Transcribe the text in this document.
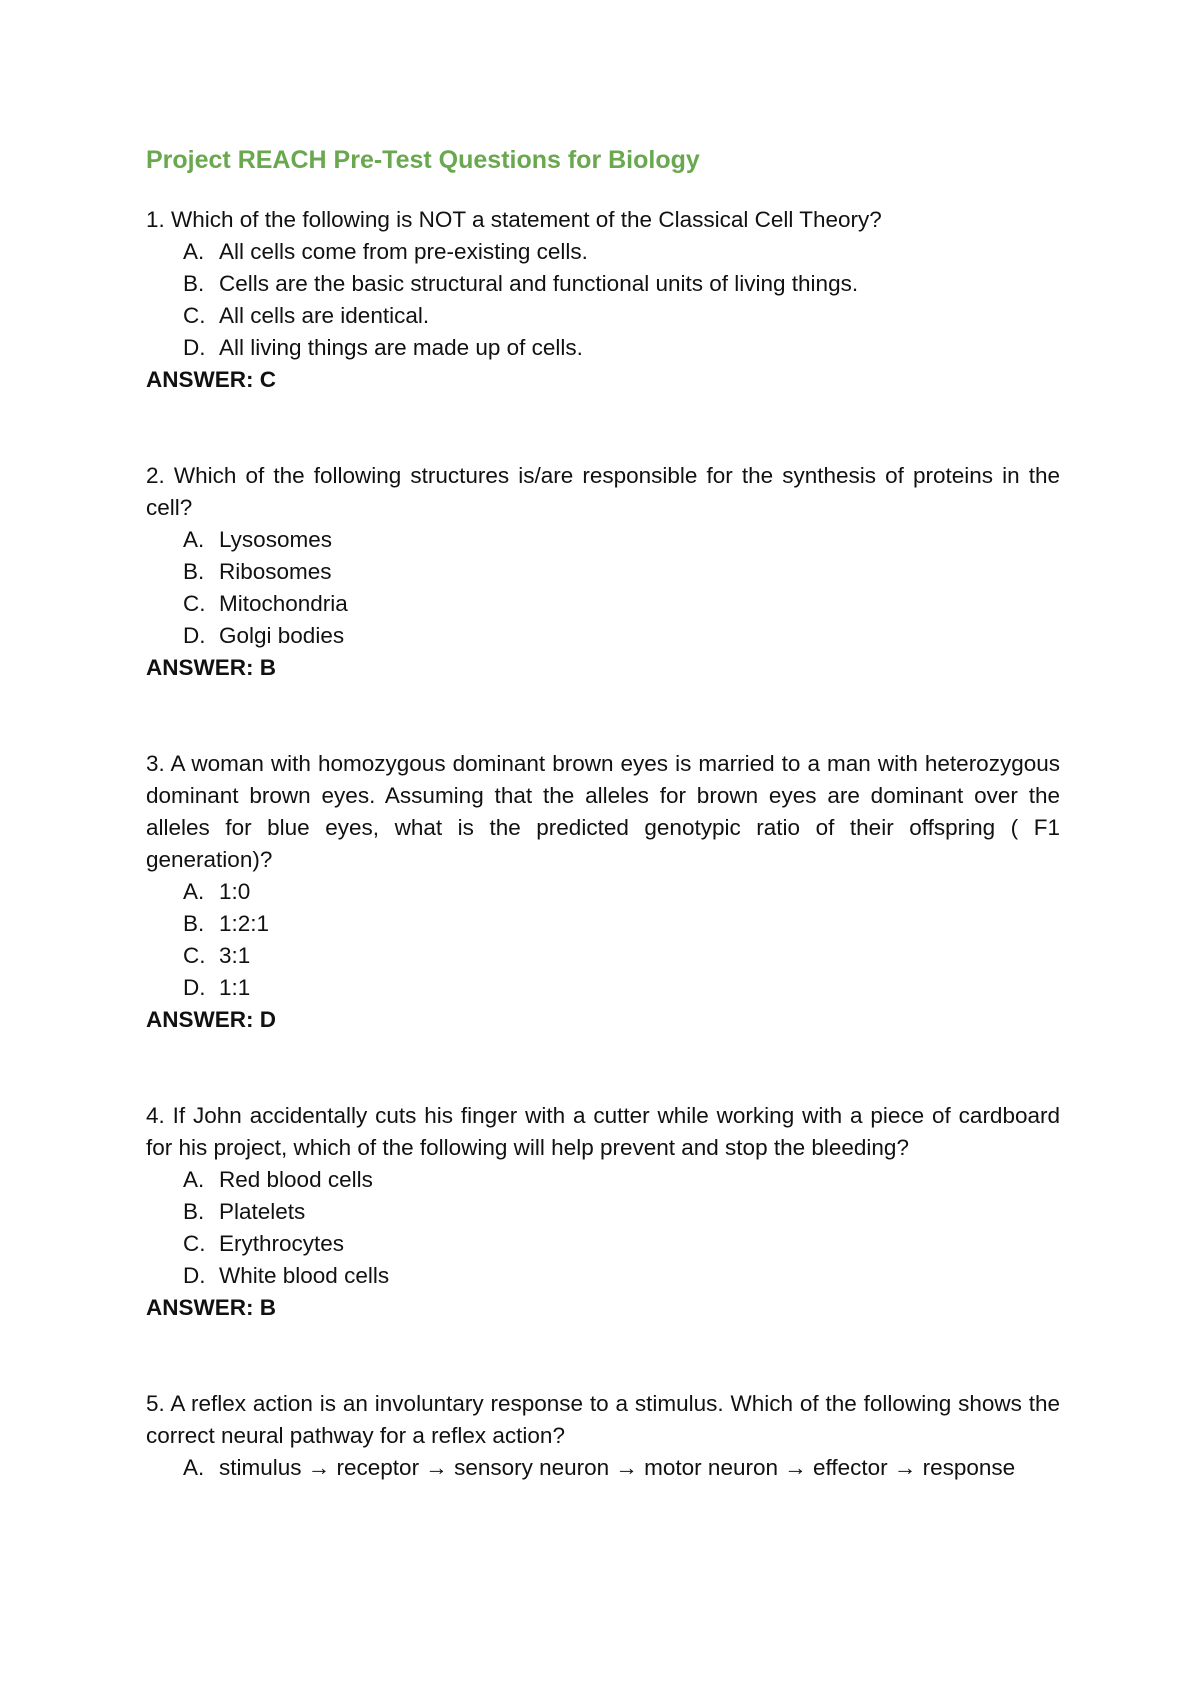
Project REACH Pre-Test Questions for Biology
1. Which of the following is NOT a statement of the Classical Cell Theory?
A. All cells come from pre-existing cells.
B. Cells are the basic structural and functional units of living things.
C. All cells are identical.
D. All living things are made up of cells.
ANSWER: C
2. Which of the following structures is/are responsible for the synthesis of proteins in the cell?
A. Lysosomes
B. Ribosomes
C. Mitochondria
D. Golgi bodies
ANSWER: B
3. A woman with homozygous dominant brown eyes is married to a man with heterozygous dominant brown eyes. Assuming that the alleles for brown eyes are dominant over the alleles for blue eyes, what is the predicted genotypic ratio of their offspring ( F1 generation)?
A. 1:0
B. 1:2:1
C. 3:1
D. 1:1
ANSWER: D
4. If John accidentally cuts his finger with a cutter while working with a piece of cardboard for his project, which of the following will help prevent and stop the bleeding?
A. Red blood cells
B. Platelets
C. Erythrocytes
D. White blood cells
ANSWER: B
5. A reflex action is an involuntary response to a stimulus. Which of the following shows the correct neural pathway for a reflex action?
A. stimulus → receptor → sensory neuron → motor neuron → effector → response
